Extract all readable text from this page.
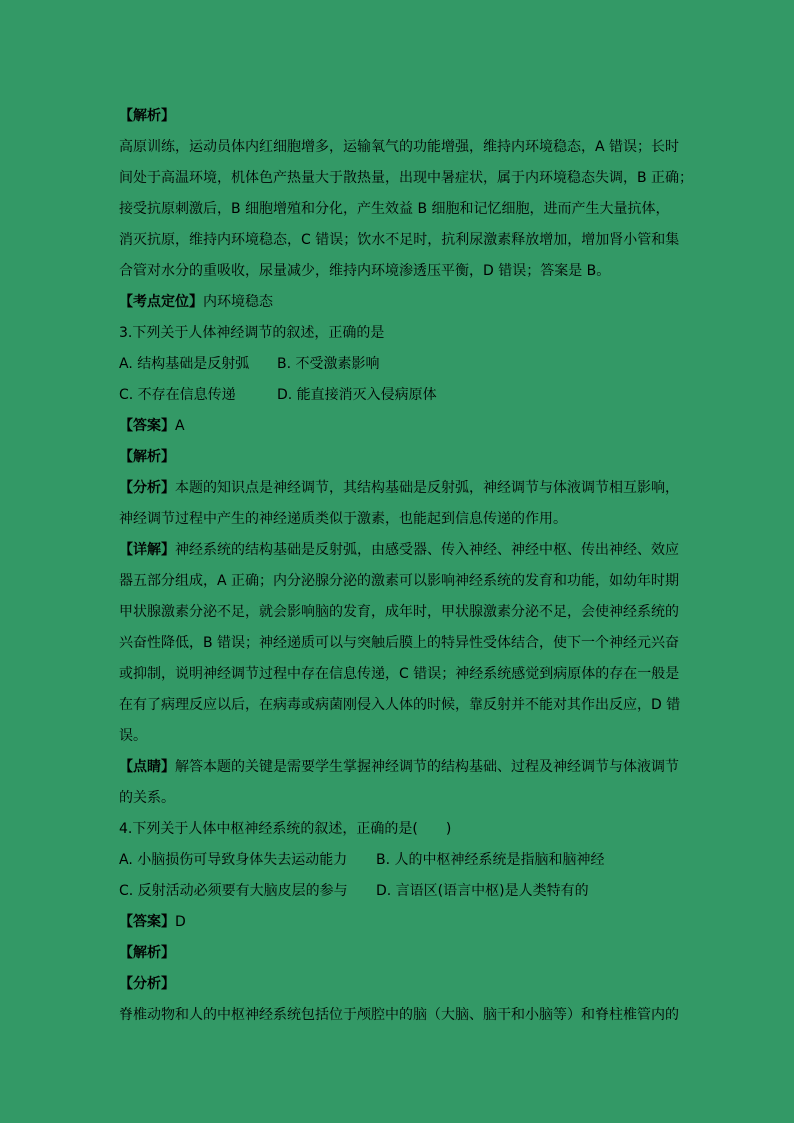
【解析】
高原训练，运动员体内红细胞增多，运输氧气的功能增强，维持内环境稳态，A 错误；长时
间处于高温环境，机体色产热量大于散热量，出现中暑症状，属于内环境稳态失调，B 正确；
接受抗原刺激后，B 细胞增殖和分化，产生效益 B 细胞和记忆细胞，进而产生大量抗体，
消灭抗原，维持内环境稳态，C 错误；饮水不足时，抗利尿激素释放增加，增加肾小管和集
合管对水分的重吸收，尿量减少，维持内环境渗透压平衡，D 错误；答案是 B。
【考点定位】内环境稳态
3.下列关于人体神经调节的叙述，正确的是
A. 结构基础是反射弧 B. 不受激素影响
C. 不存在信息传递	D. 能直接消灭入侵病原体
【答案】A
【解析】
【分析】本题的知识点是神经调节，其结构基础是反射弧，神经调节与体液调节相互影响，
神经调节过程中产生的神经递质类似于激素，也能起到信息传递的作用。
【详解】神经系统的结构基础是反射弧，由感受器、传入神经、神经中枢、传出神经、效应
器五部分组成，A 正确；内分泌腺分泌的激素可以影响神经系统的发育和功能，如幼年时期
甲状腺激素分泌不足，就会影响脑的发育，成年时，甲状腺激素分泌不足，会使神经系统的
兴奋性降低，B 错误；神经递质可以与突触后膜上的特异性受体结合，使下一个神经元兴奋
或抑制，说明神经调节过程中存在信息传递，C 错误；神经系统感觉到病原体的存在一般是
在有了病理反应以后，在病毒或病菌刚侵入人体的时候，靠反射并不能对其作出反应，D 错
误。
【点睛】解答本题的关键是需要学生掌握神经调节的结构基础、过程及神经调节与体液调节
的关系。
4.下列关于人体中枢神经系统的叙述，正确的是(　　)
A. 小脑损伤可导致身体失去运动能力 B. 人的中枢神经系统是指脑和脑神经
C. 反射活动必须要有大脑皮层的参与 D. 言语区(语言中枢)是人类特有的
【答案】D
【解析】
【分析】
脊椎动物和人的中枢神经系统包括位于颅腔中的脑（大脑、脑干和小脑等）和脊柱椎管内的
